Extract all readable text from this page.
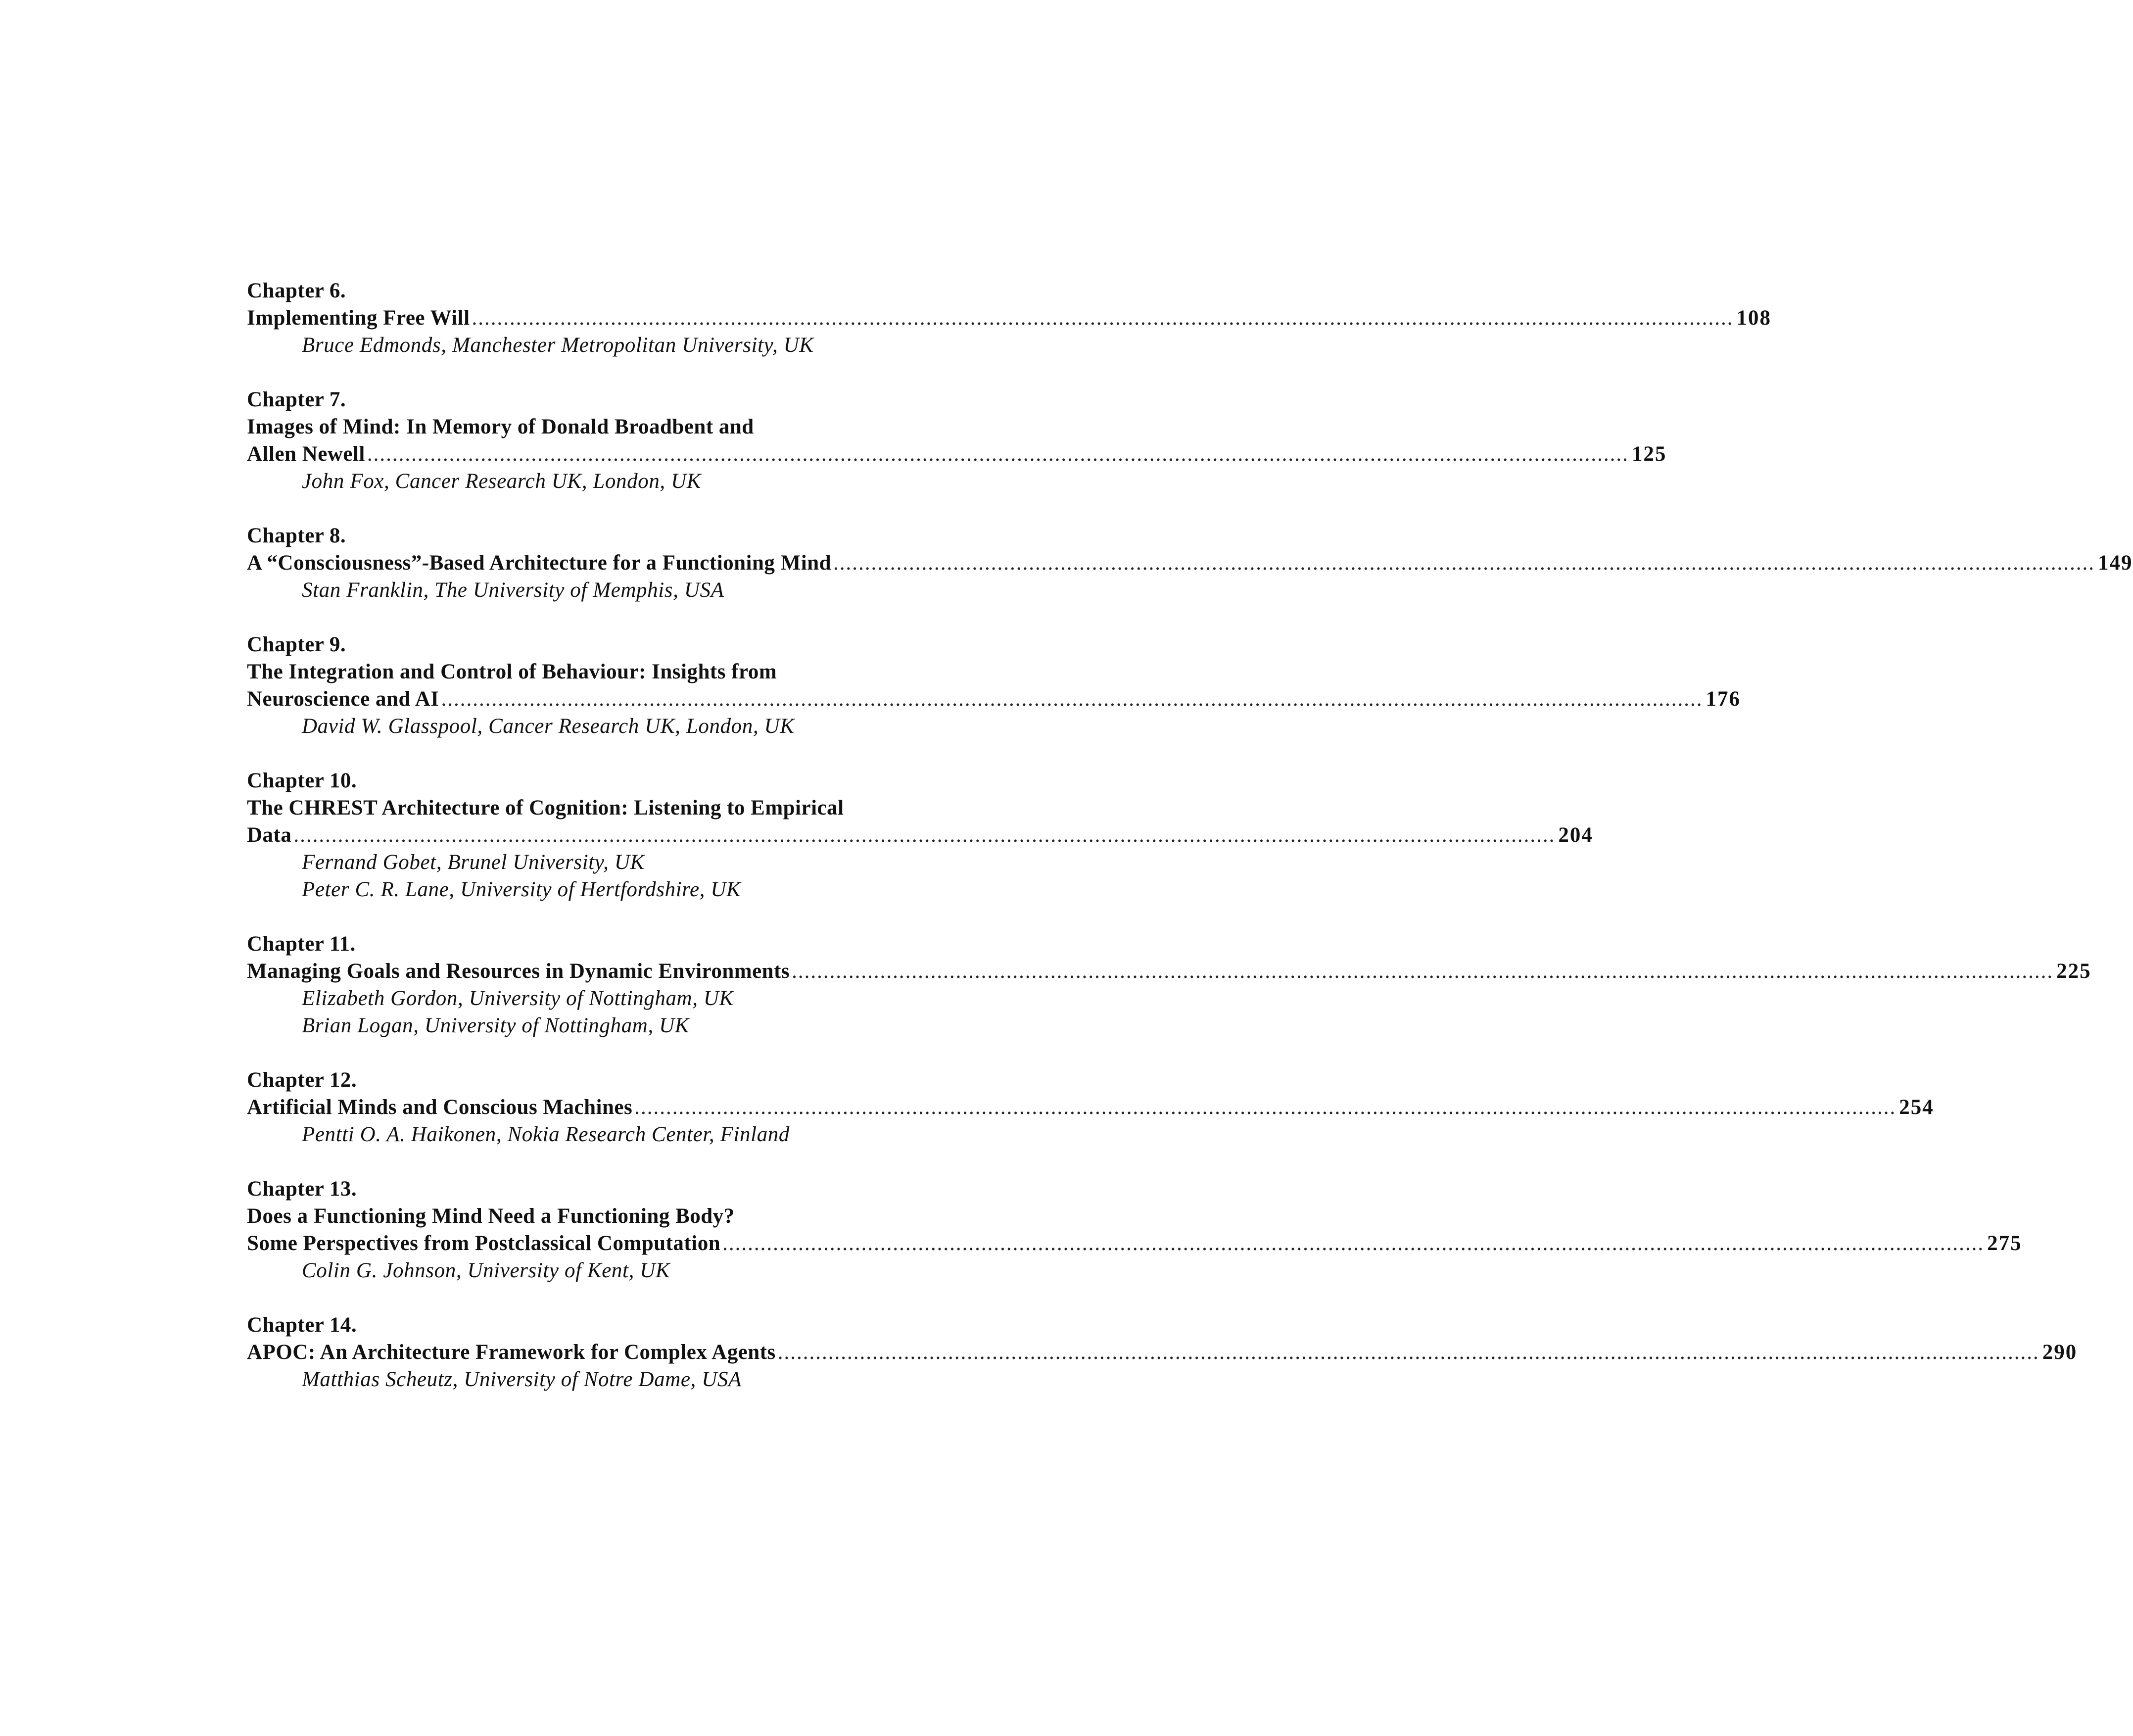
Chapter 6.
Implementing Free Will ........................................................................................................................................................................................................ 108
Bruce Edmonds, Manchester Metropolitan University, UK
Chapter 7.
Images of Mind: In Memory of Donald Broadbent and
Allen Newell ........................................................................................................................................................................................................ 125
John Fox, Cancer Research UK, London, UK
Chapter 8.
A “Consciousness”-Based Architecture for a Functioning Mind ........................................................................................................................................................................................................ 149
Stan Franklin, The University of Memphis, USA
Chapter 9.
The Integration and Control of Behaviour: Insights from
Neuroscience and AI ........................................................................................................................................................................................................ 176
David W. Glasspool, Cancer Research UK, London, UK
Chapter 10.
The CHREST Architecture of Cognition: Listening to Empirical
Data ........................................................................................................................................................................................................ 204
Fernand Gobet, Brunel University, UK
Peter C. R. Lane, University of Hertfordshire, UK
Chapter 11.
Managing Goals and Resources in Dynamic Environments ........................................................................................................................................................................................................ 225
Elizabeth Gordon, University of Nottingham, UK
Brian Logan, University of Nottingham, UK
Chapter 12.
Artificial Minds and Conscious Machines ........................................................................................................................................................................................................ 254
Pentti O. A. Haikonen, Nokia Research Center, Finland
Chapter 13.
Does a Functioning Mind Need a Functioning Body?
Some Perspectives from Postclassical Computation ........................................................................................................................................................................................................ 275
Colin G. Johnson, University of Kent, UK
Chapter 14.
APOC: An Architecture Framework for Complex Agents ........................................................................................................................................................................................................ 290
Matthias Scheutz, University of Notre Dame, USA
